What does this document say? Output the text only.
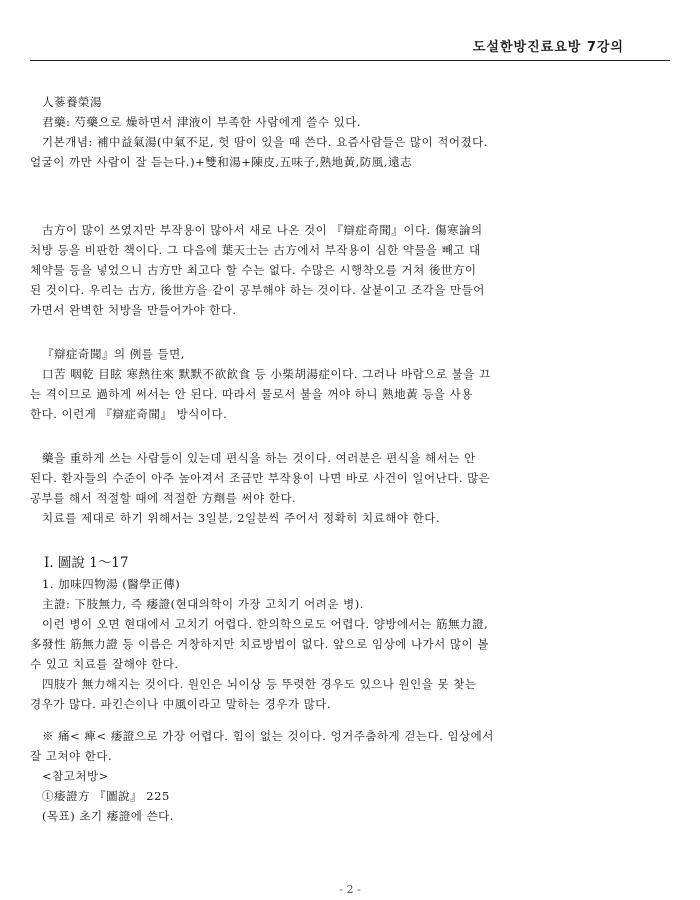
도설한방진료요방 7강의
人蔘養榮湯
君藥: 芍藥으로 燥하면서 津液이 부족한 사람에게 쓸수 있다.
기본개념: 補中益氣湯(中氣不足, 헛 땀이 있을 때 쓴다. 요즘사람들은 많이 적어졌다.
얼굴이 까만 사람이 잘 듣는다.)+雙和湯+陳皮,五味子,熟地黃,防風,遠志
古方이 많이 쓰였지만 부작용이 많아서 새로 나온 것이 『辯症奇聞』이다. 傷寒論의
처방 등을 비판한 책이다. 그 다음에 葉天士는 古方에서 부작용이 심한 약물을 빼고 대
체약물 등을 넣었으니 古方만 최고다 할 수는 없다. 수많은 시행착오를 거쳐 後世方이
된 것이다. 우리는 古方, 後世方을 같이 공부해야 하는 것이다. 살붙이고 조각을 만들어
가면서 완벽한 처방을 만들어가야 한다.
『辯症奇聞』의 例를 들면,
口苦 咽乾 目眩 寒熱往來 默默不欲飮食 등 小柴胡湯症이다. 그러나 바람으로 불을 끄
는 격이므로 過하게 써서는 안 된다. 따라서 물로서 불을 꺼야 하니 熟地黃 등을 사용
한다. 이런게 『辯症奇聞』 방식이다.
藥을 重하게 쓰는 사람들이 있는데 편식을 하는 것이다. 여러분은 편식을 해서는 안
된다. 환자들의 수준이 아주 높아져서 조금만 부작용이 나면 바로 사건이 일어난다. 많은
공부를 해서 적절할 때에 적절한 方劑를 써야 한다.
치료를 제대로 하기 위해서는 3일분, 2일분씩 주어서 정확히 치료해야 한다.
Ⅰ. 圖說 1～17
1. 加味四物湯 (醫學正傳)
主證: 下肢無力, 즉 痿證(현대의학이 가장 고치기 어려운 병).
이런 병이 오면 현대에서 고치기 어렵다. 한의학으로도 어렵다. 양방에서는 筋無力證,
多發性 筋無力證 등 이름은 거창하지만 치료방법이 없다. 앞으로 임상에 나가서 많이 볼
수 있고 치료를 잘해야 한다.
四肢가 無力해지는 것이다. 원인은 뇌이상 등 뚜렷한 경우도 있으나 원인을 못 찾는
경우가 많다. 파킨슨이나 中風이라고 말하는 경우가 많다.
※ 痛< 痺< 痿證으로 가장 어렵다. 힘이 없는 것이다. 엉거주춤하게 걷는다. 임상에서
잘 고쳐야 한다.
<참고처방>
①痿證方 『圖說』 225
(목표) 초기 痿證에 쓴다.
- 2 -
